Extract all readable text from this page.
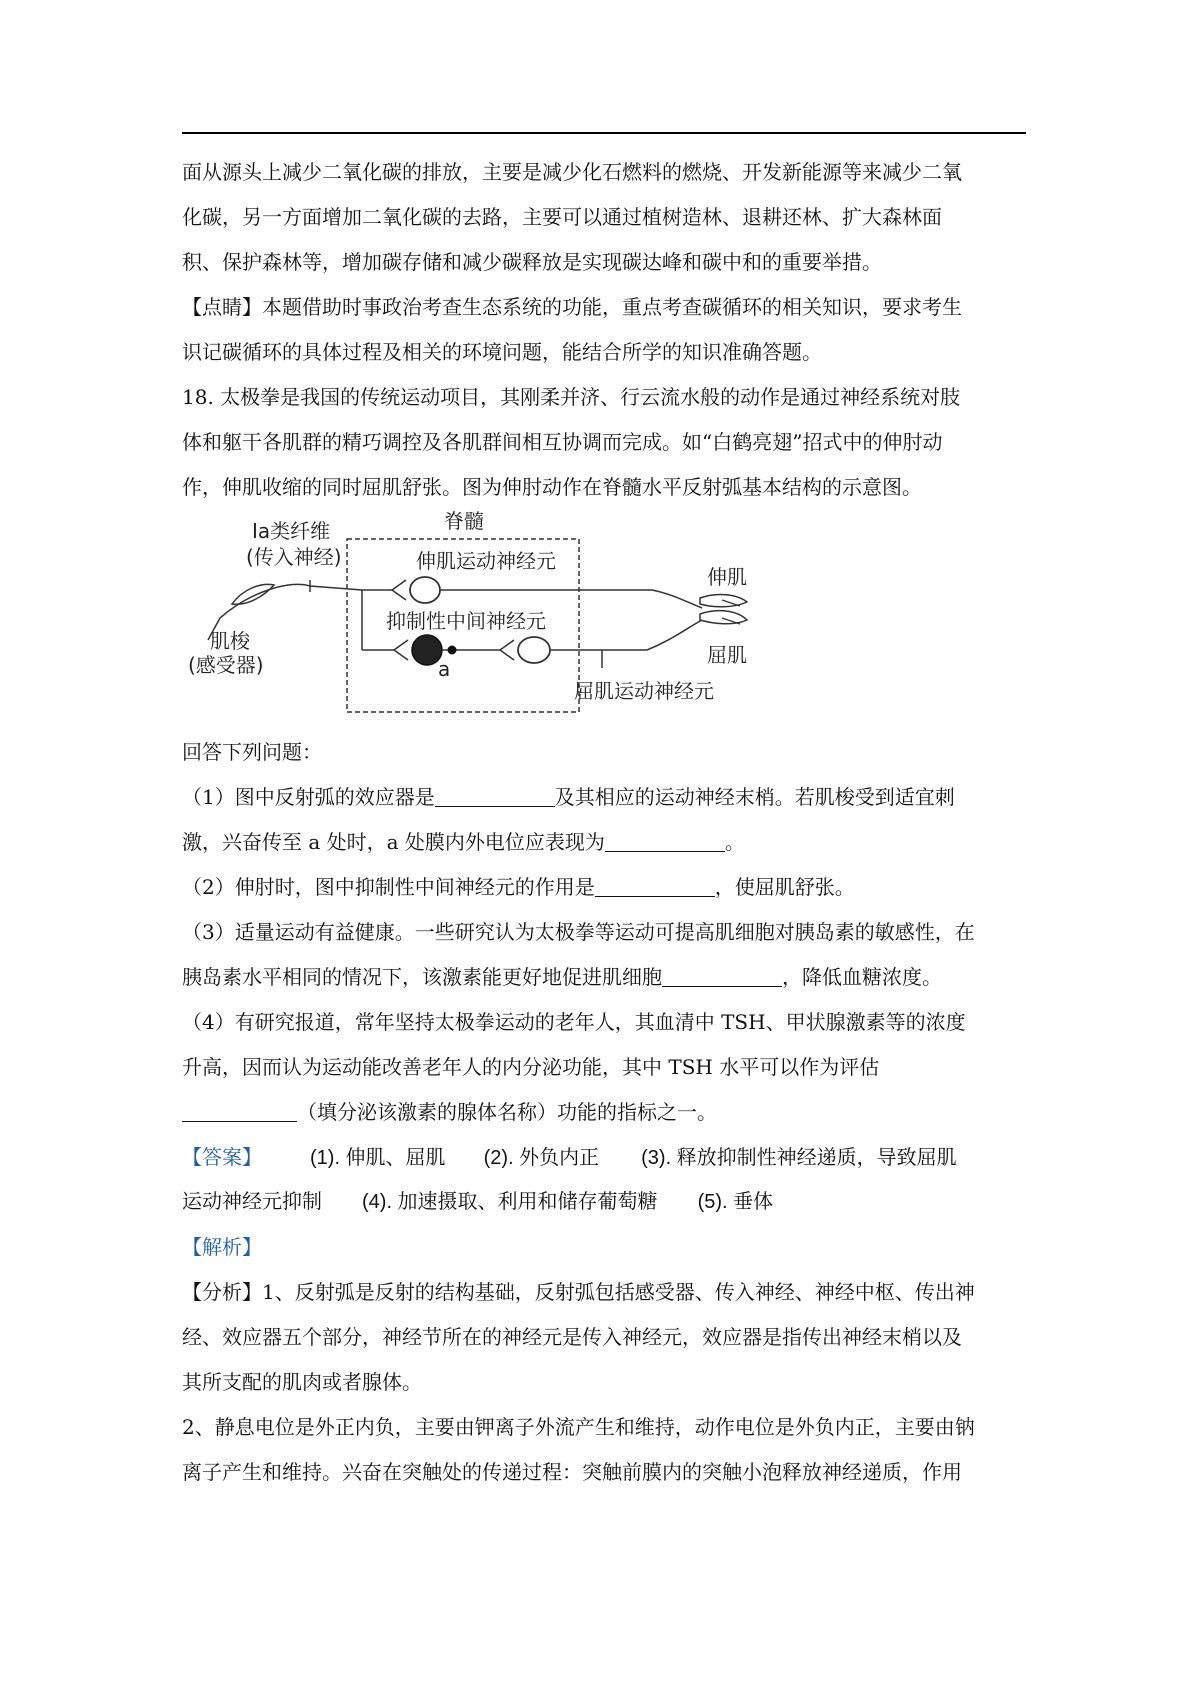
面从源头上减少二氧化碳的排放，主要是减少化石燃料的燃烧、开发新能源等来减少二氧
化碳，另一方面增加二氧化碳的去路，主要可以通过植树造林、退耕还林、扩大森林面
积、保护森林等，增加碳存储和减少碳释放是实现碳达峰和碳中和的重要举措。
【点睛】本题借助时事政治考查生态系统的功能，重点考查碳循环的相关知识，要求考生
识记碳循环的具体过程及相关的环境问题，能结合所学的知识准确答题。
18. 太极拳是我国的传统运动项目，其刚柔并济、行云流水般的动作是通过神经系统对肢
体和躯干各肌群的精巧调控及各肌群间相互协调而完成。如“白鹤亮翅”招式中的伸肘动
作，伸肌收缩的同时屈肌舒张。图为伸肘动作在脊髓水平反射弧基本结构的示意图。
Ⅰa类纤维
(传入神经)
脊髓
伸肌运动神经元
抑制性中间神经元
a
肌梭
(感受器)
伸肌
屈肌
屈肌运动神经元
回答下列问题：
（1）图中反射弧的效应器是	及其相应的运动神经末梢。若肌梭受到适宜刺
激，兴奋传至 a 处时，a 处膜内外电位应表现为	。
（2）伸肘时，图中抑制性中间神经元的作用是	，使屈肌舒张。
（3）适量运动有益健康。一些研究认为太极拳等运动可提高肌细胞对胰岛素的敏感性，在
胰岛素水平相同的情况下，该激素能更好地促进肌细胞	，降低血糖浓度。
（4）有研究报道，常年坚持太极拳运动的老年人，其血清中 TSH、甲状腺激素等的浓度
升高，因而认为运动能改善老年人的内分泌功能，其中 TSH 水平可以作为评估
（填分泌该激素的腺体名称）功能的指标之一。
【答案】 (1). 伸肌、屈肌 (2). 外负内正 (3). 释放抑制性神经递质，导致屈肌
运动神经元抑制 (4). 加速摄取、利用和储存葡萄糖 (5). 垂体
【解析】
【分析】1、反射弧是反射的结构基础，反射弧包括感受器、传入神经、神经中枢、传出神
经、效应器五个部分，神经节所在的神经元是传入神经元，效应器是指传出神经末梢以及
其所支配的肌肉或者腺体。
2、静息电位是外正内负，主要由钾离子外流产生和维持，动作电位是外负内正，主要由钠
离子产生和维持。兴奋在突触处的传递过程：突触前膜内的突触小泡释放神经递质，作用
